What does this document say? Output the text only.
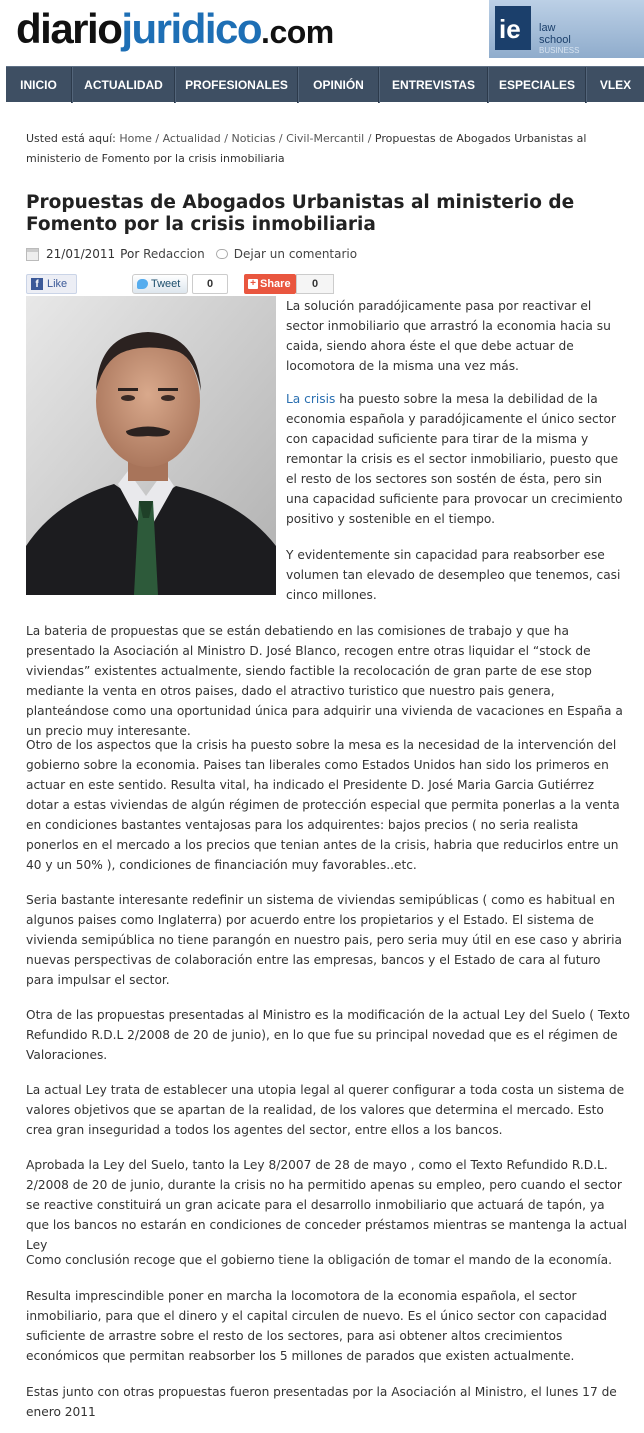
diariojuridico.com	ie law
school
BUSINESS
INICIO	ACTUALIDAD	PROFESIONALES	OPINIÓN	ENTREVISTAS	ESPECIALES	VLEX
Usted está aquí: Home / Actualidad / Noticias / Civil-Mercantil / Propuestas de Abogados Urbanistas al ministerio de Fomento por la crisis inmobiliaria
Propuestas de Abogados Urbanistas al ministerio de Fomento por la crisis inmobiliaria
21/01/2011 Por
Redaccion Dejar un comentario
f Like	Tweet	0	+ Share	0

La solución paradójicamente pasa por reactivar el sector inmobiliario que arrastró la economia hacia su caida, siendo ahora éste el que debe actuar de locomotora de la misma una vez más.

La crisis ha puesto sobre la mesa la debilidad de la economia española y paradójicamente el único sector con capacidad suficiente para tirar de la misma y remontar la crisis es el sector inmobiliario, puesto que el resto de los sectores son sostén de ésta, pero sin una capacidad suficiente para provocar un crecimiento positivo y sostenible en el tiempo.

Y evidentemente sin capacidad para reabsorber ese volumen tan elevado de desempleo que tenemos, casi cinco millones.

La bateria de propuestas que se están debatiendo en las comisiones de trabajo y que ha presentado la Asociación al Ministro D. José Blanco, recogen entre otras liquidar el “stock de viviendas” existentes actualmente, siendo factible la recolocación de gran parte de ese stop mediante la venta en otros paises, dado el atractivo turistico que nuestro pais genera, planteándose como una oportunidad única para adquirir una vivienda de vacaciones en España a un precio muy interesante.

Otro de los aspectos que la crisis ha puesto sobre la mesa es la necesidad de la intervención del gobierno sobre la economia. Paises tan liberales como Estados Unidos han sido los primeros en actuar en este sentido. Resulta vital, ha indicado el Presidente D. José Maria Garcia Gutiérrez dotar a estas viviendas de algún régimen de protección especial que permita ponerlas a la venta en condiciones bastantes ventajosas para los adquirentes: bajos precios ( no seria realista ponerlos en el mercado a los precios que tenian antes de la crisis, habria que reducirlos entre un 40 y un 50% ), condiciones de financiación muy favorables..etc.

Seria bastante interesante redefinir un sistema de viviendas semipúblicas ( como es habitual en algunos paises como Inglaterra) por acuerdo entre los propietarios y el Estado. El sistema de vivienda semipública no tiene parangón en nuestro pais, pero seria muy útil en ese caso y abriria nuevas perspectivas de colaboración entre las empresas, bancos y el Estado de cara al futuro para impulsar el sector.

Otra de las propuestas presentadas al Ministro es la modificación de la actual Ley del Suelo ( Texto Refundido R.D.L 2/2008 de 20 de junio), en lo que fue su principal novedad que es el régimen de Valoraciones.

La actual Ley trata de establecer una utopia legal al querer configurar a toda costa un sistema de valores objetivos que se apartan de la realidad, de los valores que determina el mercado. Esto crea gran inseguridad a todos los agentes del sector, entre ellos a los bancos.

Aprobada la Ley del Suelo, tanto la Ley 8/2007 de 28 de mayo , como el Texto Refundido R.D.L. 2/2008 de 20 de junio, durante la crisis no ha permitido apenas su empleo, pero cuando el sector se reactive constituirá un gran acicate para el desarrollo inmobiliario que actuará de tapón, ya que los bancos no estarán en condiciones de conceder préstamos mientras se mantenga la actual Ley

Como conclusión recoge que el gobierno tiene la obligación de tomar el mando de la economía.

Resulta imprescindible poner en marcha la locomotora de la economia española, el sector inmobiliario, para que el dinero y el capital circulen de nuevo. Es el único sector con capacidad suficiente de arrastre sobre el resto de los sectores, para asi obtener altos crecimientos económicos que permitan reabsorber los 5 millones de parados que existen actualmente.

Estas junto con otras propuestas fueron presentadas por la Asociación al Ministro, el lunes 17 de enero 2011
